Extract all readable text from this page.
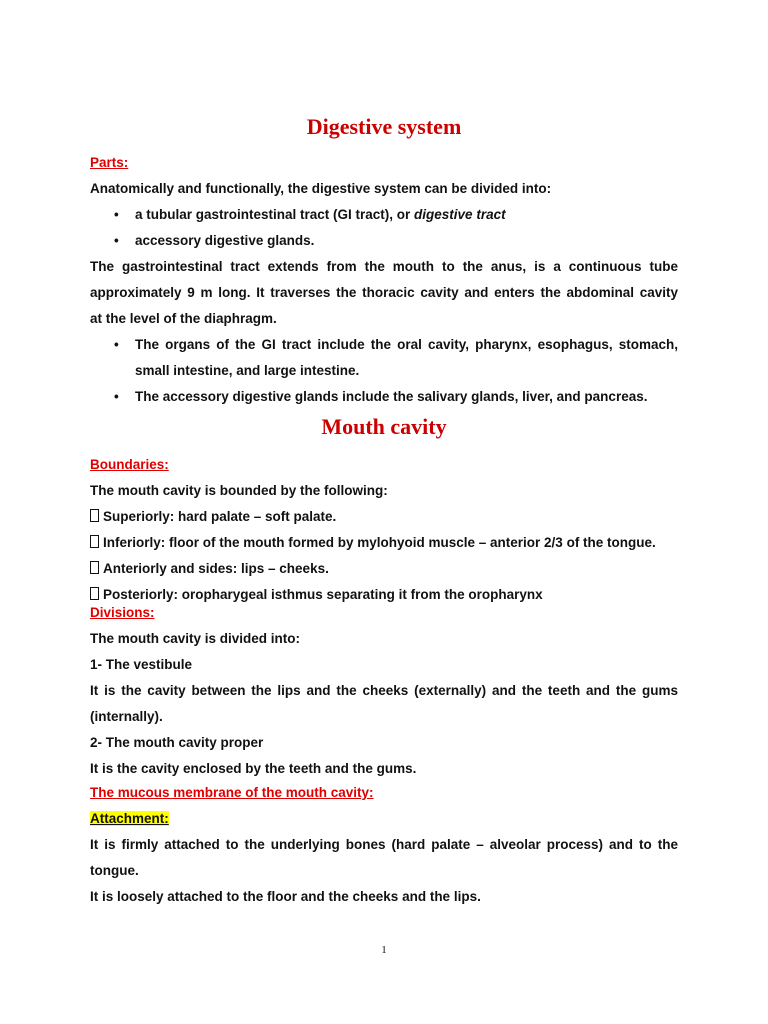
Digestive system
Parts:
Anatomically and functionally, the digestive system can be divided into:
• a tubular gastrointestinal tract (GI tract), or digestive tract
• accessory digestive glands.
The gastrointestinal tract extends from the mouth to the anus, is a continuous tube
approximately 9 m long. It traverses the thoracic cavity and enters the abdominal cavity
at the level of the diaphragm.
• The organs of the GI tract include the oral cavity, pharynx, esophagus, stomach,
small intestine, and large intestine.
• The accessory digestive glands include the salivary glands, liver, and pancreas.
Mouth cavity
Boundaries:
The mouth cavity is bounded by the following:
Superiorly: hard palate – soft palate.
Inferiorly: floor of the mouth formed by mylohyoid muscle – anterior 2/3 of the tongue.
Anteriorly and sides: lips – cheeks.
Posteriorly: oropharygeal isthmus separating it from the oropharynx
Divisions:
The mouth cavity is divided into:
1- The vestibule
It is the cavity between the lips and the cheeks (externally) and the teeth and the gums
(internally).
2- The mouth cavity proper
It is the cavity enclosed by the teeth and the gums.
The mucous membrane of the mouth cavity:
Attachment:
It is firmly attached to the underlying bones (hard palate – alveolar process) and to the
tongue.
It is loosely attached to the floor and the cheeks and the lips.
1
